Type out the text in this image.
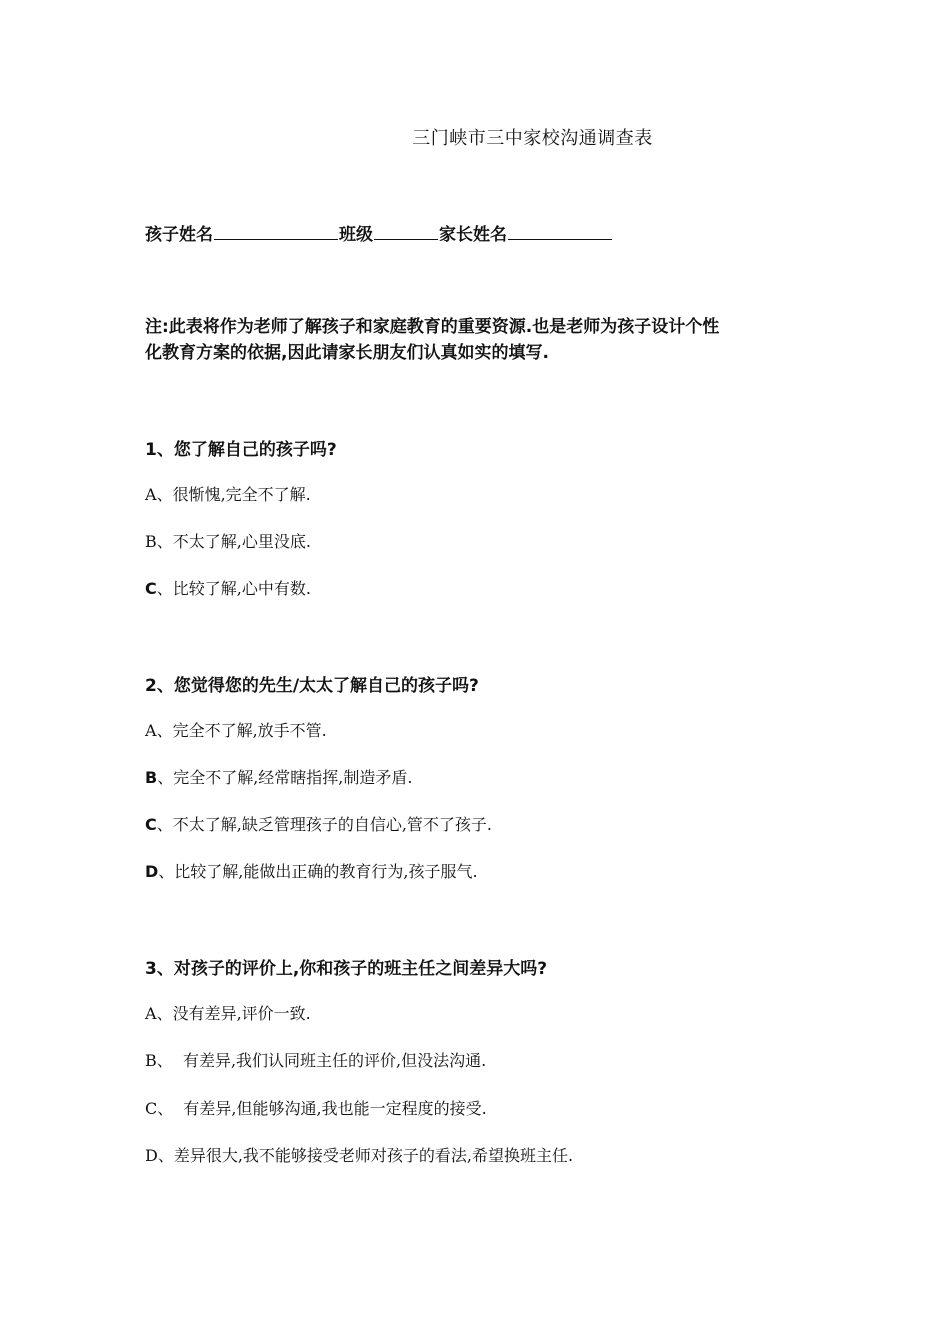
三门峡市三中家校沟通调查表
孩子姓名	班级	家长姓名
注:此表将作为老师了解孩子和家庭教育的重要资源.也是老师为孩子设计个性
化教育方案的依据,因此请家长朋友们认真如实的填写.
1、您了解自己的孩子吗?
A、很惭愧,完全不了解.
B、不太了解,心里没底.
C、比较了解,心中有数.
2、您觉得您的先生/太太了解自己的孩子吗?
A、完全不了解,放手不管.
B、完全不了解,经常瞎指挥,制造矛盾.
C、不太了解,缺乏管理孩子的自信心,管不了孩子.
D、比较了解,能做出正确的教育行为,孩子服气.
3、对孩子的评价上,你和孩子的班主任之间差异大吗?
A、没有差异,评价一致.
B、  有差异,我们认同班主任的评价,但没法沟通.
C、  有差异,但能够沟通,我也能一定程度的接受.
D、差异很大,我不能够接受老师对孩子的看法,希望换班主任.
